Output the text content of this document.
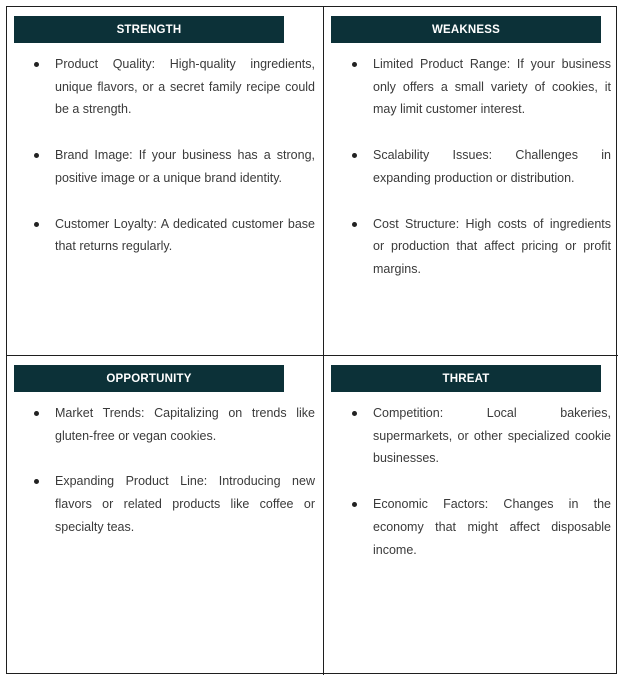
STRENGTH
Product Quality: High-quality ingredients, unique flavors, or a secret family recipe could be a strength.
Brand Image: If your business has a strong, positive image or a unique brand identity.
Customer Loyalty: A dedicated customer base that returns regularly.
WEAKNESS
Limited Product Range: If your business only offers a small variety of cookies, it may limit customer interest.
Scalability Issues: Challenges in expanding production or distribution.
Cost Structure: High costs of ingredients or production that affect pricing or profit margins.
OPPORTUNITY
Market Trends: Capitalizing on trends like gluten-free or vegan cookies.
Expanding Product Line: Introducing new flavors or related products like coffee or specialty teas.
THREAT
Competition: Local bakeries, supermarkets, or other specialized cookie businesses.
Economic Factors: Changes in the economy that might affect disposable income.
